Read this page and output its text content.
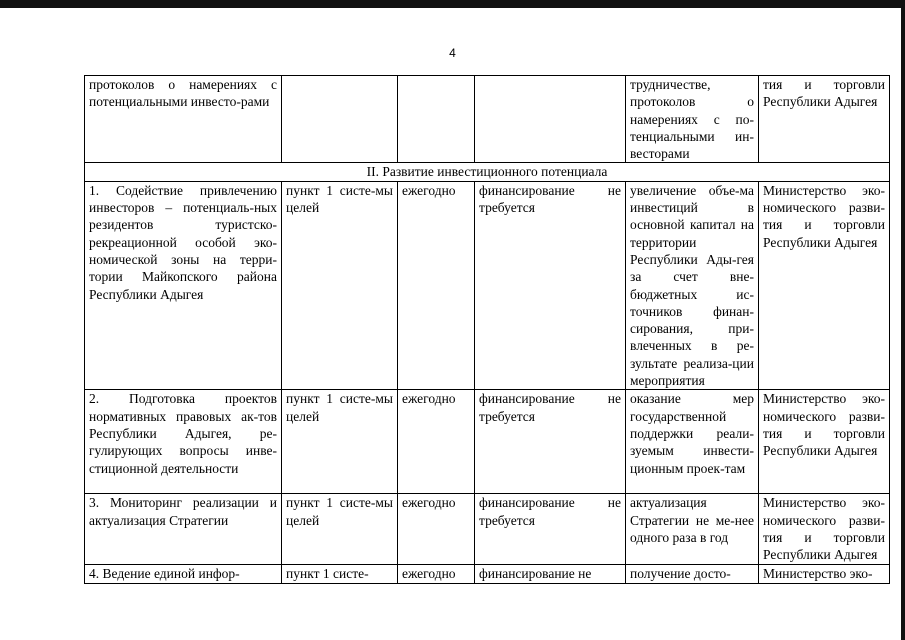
4
протоколов о намерениях с потенциальными инвесто-рами				трудничестве, протоколов о намерениях с по-тенциальными ин-весторами	тия и торговли Республики Адыгея
II. Развитие инвестиционного потенциала					
1. Содействие привлечению инвесторов – потенциаль-ных резидентов туристско-рекреационной особой эко-номической зоны на терри-тории Майкопского района Республики Адыгея	пункт 1 систе-мы целей	ежегодно	финансирование не требуется	увеличение объе-ма инвестиций в основной капитал на территории Республики Ады-гея за счет вне-бюджетных ис-точников финан-сирования, при-влеченных в ре-зультате реализа-ции мероприятия	Министерство эко-номического разви-тия и торговли Республики Адыгея
2. Подготовка проектов нормативных правовых ак-тов Республики Адыгея, ре-гулирующих вопросы инве-стиционной деятельности	пункт 1 систе-мы целей	ежегодно	финансирование не требуется	оказание мер государственной поддержки реали-зуемым инвести-ционным проек-там	Министерство эко-номического разви-тия и торговли Республики Адыгея
3. Мониторинг реализации и актуализация Стратегии	пункт 1 систе-мы целей	ежегодно	финансирование не требуется	актуализация Стратегии не ме-нее одного раза в год	Министерство эко-номического разви-тия и торговли Республики Адыгея
4. Ведение единой инфор-	пункт 1 систе-	ежегодно	финансирование не	получение досто-	Министерство эко-
